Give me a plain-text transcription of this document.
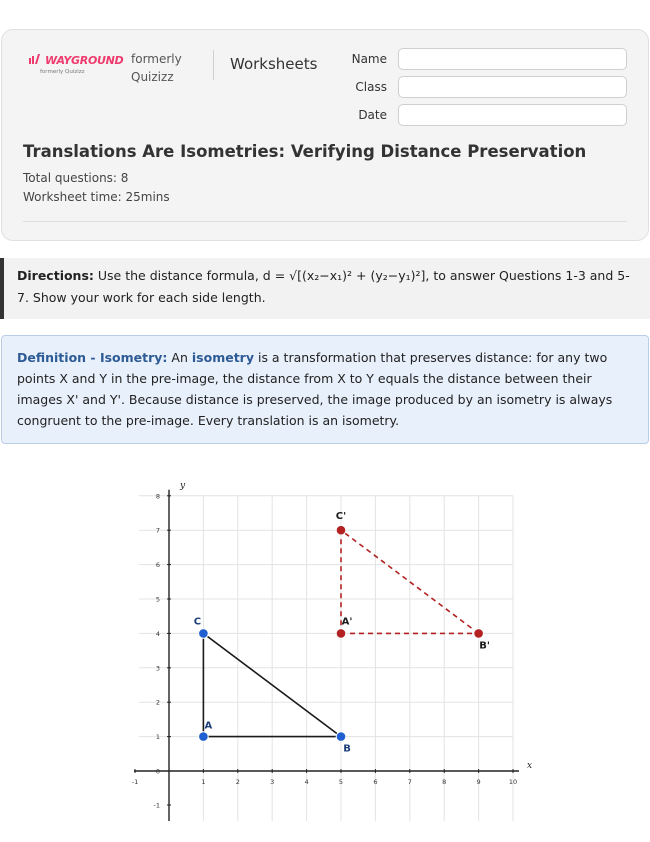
WAYGROUND
formerly Quizizz
formerly Quizizz
Worksheets	Name
Class
Date
Translations Are Isometries: Verifying Distance Preservation
Total questions: 8
Worksheet time: 25mins
Directions: Use the distance formula, d = √[(x₂−x₁)² + (y₂−y₁)²], to answer Questions 1-3 and 5-7. Show your work for each side length.
Definition - Isometry: An isometry is a transformation that preserves distance: for any two points X and Y in the pre-image, the distance from X to Y equals the distance between their images X' and Y'. Because distance is preserved, the image produced by an isometry is always congruent to the pre-image. Every translation is an isometry.
-1	1	2	3	4	5	6	7	8	9	10
-1
0
1
2
3
4
5
6
7
8
x
y
A
B
C	A'
B'
C'
